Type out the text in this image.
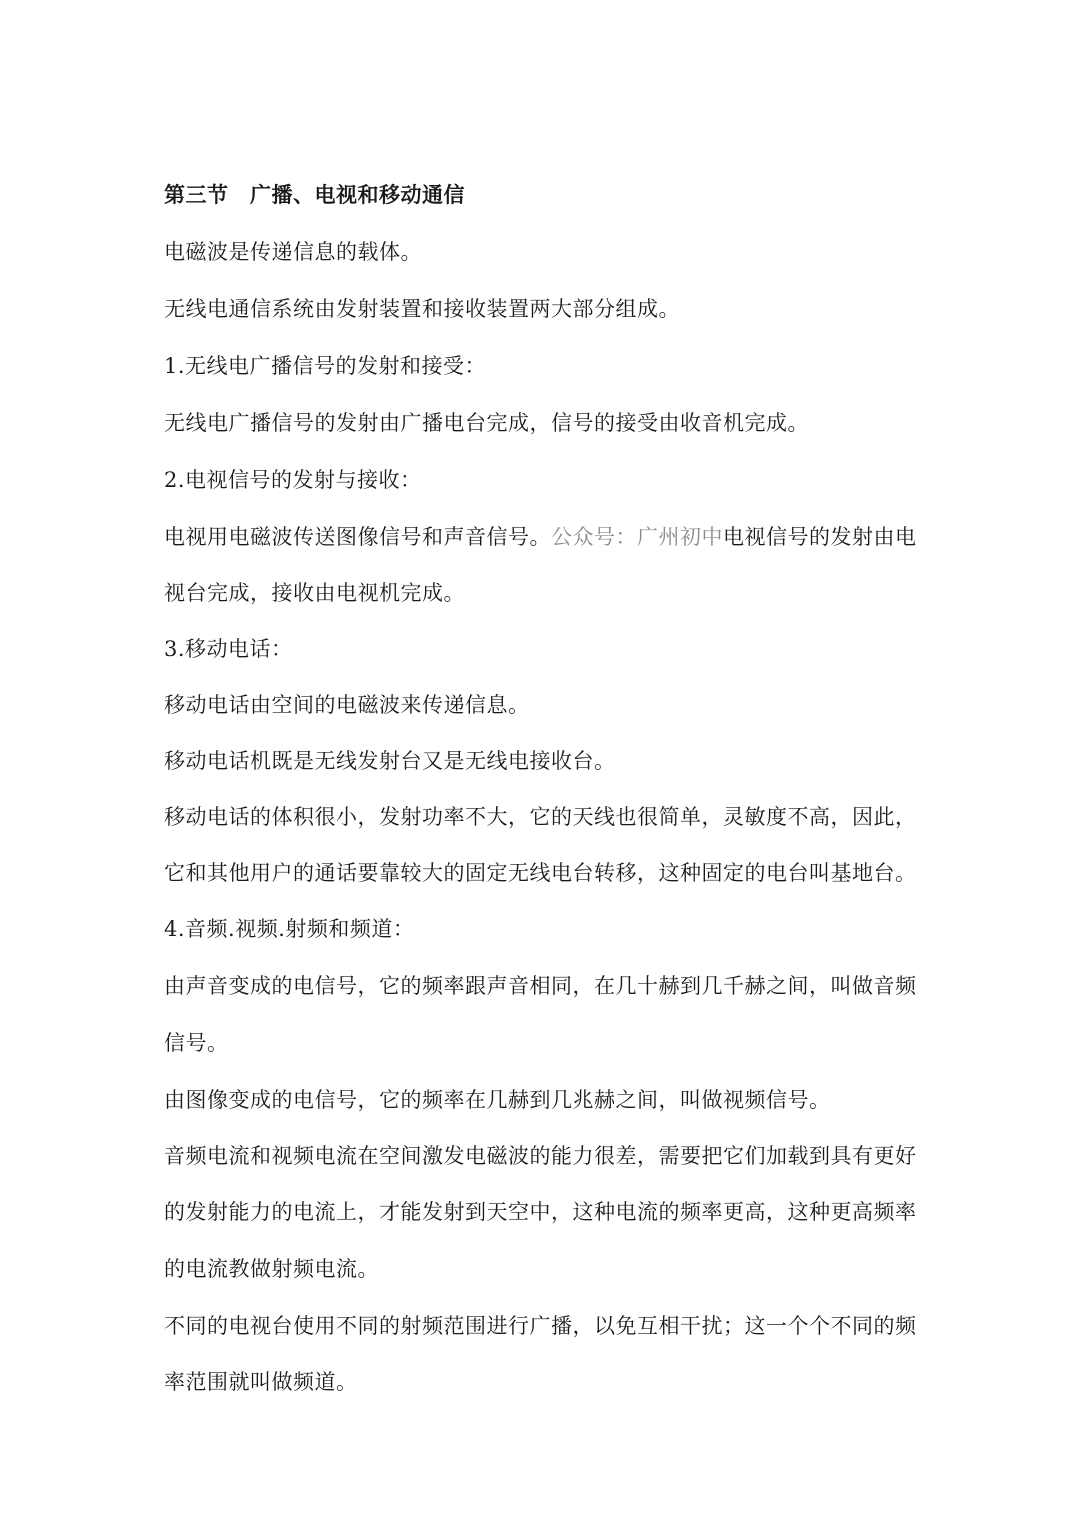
第三节　广播、电视和移动通信
电磁波是传递信息的载体。
无线电通信系统由发射装置和接收装置两大部分组成。
1.无线电广播信号的发射和接受：
无线电广播信号的发射由广播电台完成，信号的接受由收音机完成。
2.电视信号的发射与接收：
电视用电磁波传送图像信号和声音信号。公众号：广州初中电视信号的发射由电
视台完成，接收由电视机完成。
3.移动电话：
移动电话由空间的电磁波来传递信息。
移动电话机既是无线发射台又是无线电接收台。
移动电话的体积很小，发射功率不大，它的天线也很简单，灵敏度不高，因此，
它和其他用户的通话要靠较大的固定无线电台转移，这种固定的电台叫基地台。
4.音频.视频.射频和频道：
由声音变成的电信号，它的频率跟声音相同，在几十赫到几千赫之间，叫做音频
信号。
由图像变成的电信号，它的频率在几赫到几兆赫之间，叫做视频信号。
音频电流和视频电流在空间激发电磁波的能力很差，需要把它们加载到具有更好
的发射能力的电流上，才能发射到天空中，这种电流的频率更高，这种更高频率
的电流教做射频电流。
不同的电视台使用不同的射频范围进行广播，以免互相干扰；这一个个不同的频
率范围就叫做频道。
